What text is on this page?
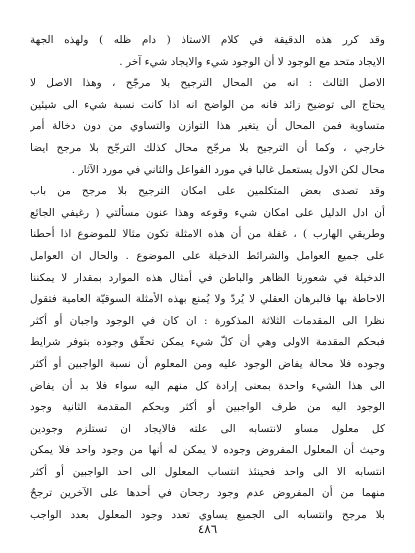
وقد كرر هذه الدقيقة في كلام الاستاذ ( دام ظله ) ولهذه الجهة
الايجاد متحد مع الوجود لا أن الوجود شيء والايجاد شيء آخر .
الاصل الثالث : انه من المحال الترجيح بلا مرجّح ، وهذا الاصل لا
يحتاج الى توضيح زائد فانه من الواضح انه اذا كانت نسبة شيء الى شيئين
متساوية فمن المحال أن يتغير هذا التوازن والتساوي من دون دخالة أمر
خارجي ، وكما أن الترجيح بلا مرجّح محال كذلك الترجّح بلا مرجح ايضا
محال لكن الاول يستعمل غالبا في مورد الفواعل والثاني في مورد الآثار .
وقد تصدى بعض المتكلمين على امكان الترجيح بلا مرجح من باب
أن ادل الدليل على امكان شيء وقوعه وهذا عنون مسألتي ( رغيفي الجائع
وطريقي الهارب ) ، غفلة من أن هذه الامثلة تكون مثالا للموضوع اذا أحطنا
على جميع العوامل والشرائط الدخيلة على الموضوع . والحال ان العوامل
الدخيلة في شعورنا الظاهر والباطن في أمثال هذه الموارد بمقدار لا يمكننا
الاحاطة بها فالبرهان العقلي لا يُردّ ولا يُمنع بهذه الأمثلة السوقيّة العامية فتقول
نظرا الى المقدمات الثلاثة المذكورة : ان كان في الوجود واجبان أو أكثر
فبحكم المقدمة الاولى وهي أن كلّ شيء يمكن تحقّق وجوده بتوفر شرايط
وجوده فلا محالة يفاض الوجود عليه ومن المعلوم أن نسبة الواجبين أو أكثر
الى هذا الشيء واحدة بمعنى إرادة كل منهم اليه سواء فلا بد أن يفاض
الوجود اليه من طرف الواجبين أو أكثر وبحكم المقدمة الثانية وجود
كل معلول مساو لانتسابه الى علته فالايجاد ان تستلزم وجودين
وحيث أن المعلول المفروض وجوده لا يمكن له أنها من وجود واحد فلا يمكن
انتسابه الا الى واحد فحينئذ انتساب المعلول الى احد الواجبين أو أكثر
منهما من أن المفروض عدم وجود رجحان في أحدها على الآخرين ترجحٌ
بلا مرجح وانتسابه الى الجميع يساوي تعدد وجود المعلول بعدد الواجب
٤٨٦
